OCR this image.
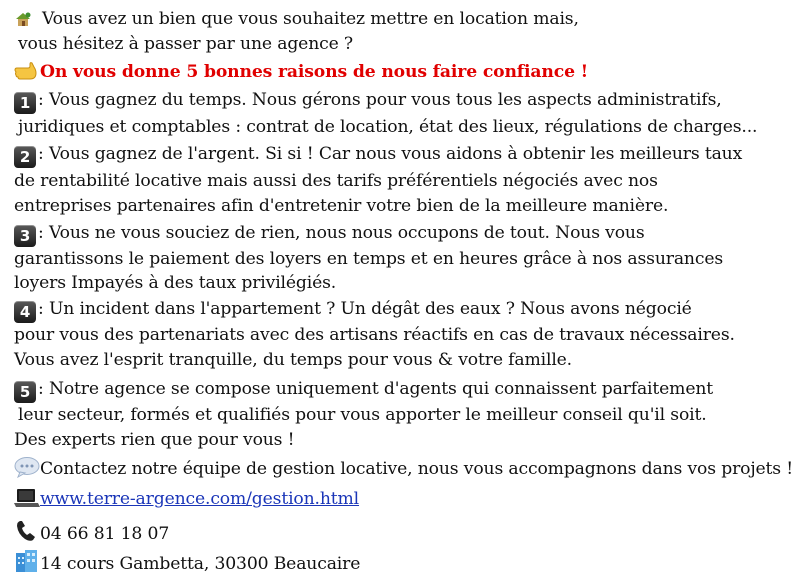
Vous avez un bien que vous souhaitez mettre en location mais,
vous hésitez à passer par une agence ?
On vous donne 5 bonnes raisons de nous faire confiance !
1 : Vous gagnez du temps. Nous gérons pour vous tous les aspects administratifs,
juridiques et comptables : contrat de location, état des lieux, régulations de charges...
2 : Vous gagnez de l'argent. Si si ! Car nous vous aidons à obtenir les meilleurs taux
de rentabilité locative mais aussi des tarifs préférentiels négociés avec nos
entreprises partenaires afin d'entretenir votre bien de la meilleure manière.
3 : Vous ne vous souciez de rien, nous nous occupons de tout. Nous vous
garantissons le paiement des loyers en temps et en heures grâce à nos assurances
loyers Impayés à des taux privilégiés.
4 : Un incident dans l'appartement ? Un dégât des eaux ? Nous avons négocié
pour vous des partenariats avec des artisans réactifs en cas de travaux nécessaires.
Vous avez l'esprit tranquille, du temps pour vous & votre famille.
5 : Notre agence se compose uniquement d'agents qui connaissent parfaitement
leur secteur, formés et qualifiés pour vous apporter le meilleur conseil qu'il soit.
Des experts rien que pour vous !
Contactez notre équipe de gestion locative, nous vous accompagnons dans vos projets !
www.terre-argence.com/gestion.html
04 66 81 18 07
14 cours Gambetta, 30300 Beaucaire
